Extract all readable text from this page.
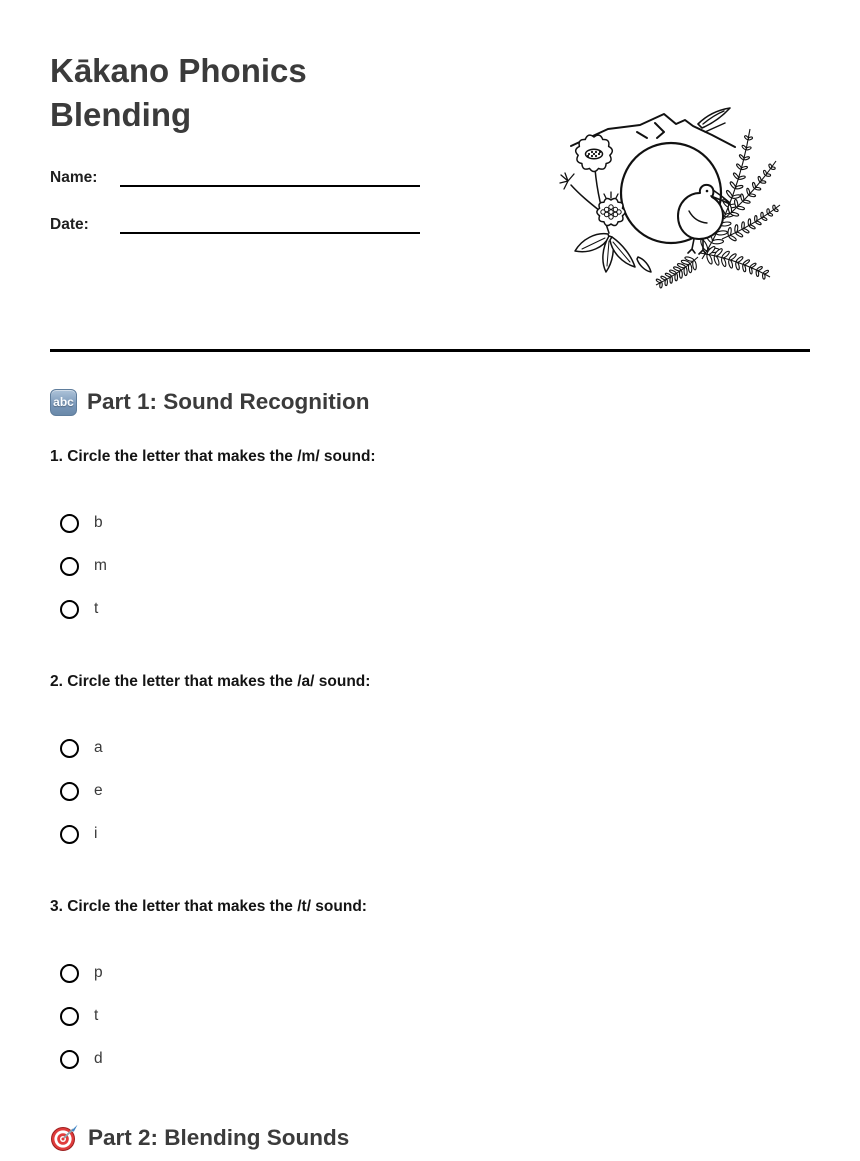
Kākano Phonics Blending
Name:
Date:
abc Part 1: Sound Recognition
1. Circle the letter that makes the /m/ sound:
b
m
t
2. Circle the letter that makes the /a/ sound:
a
e
i
3. Circle the letter that makes the /t/ sound:
p
t
d
Part 2: Blending Sounds
